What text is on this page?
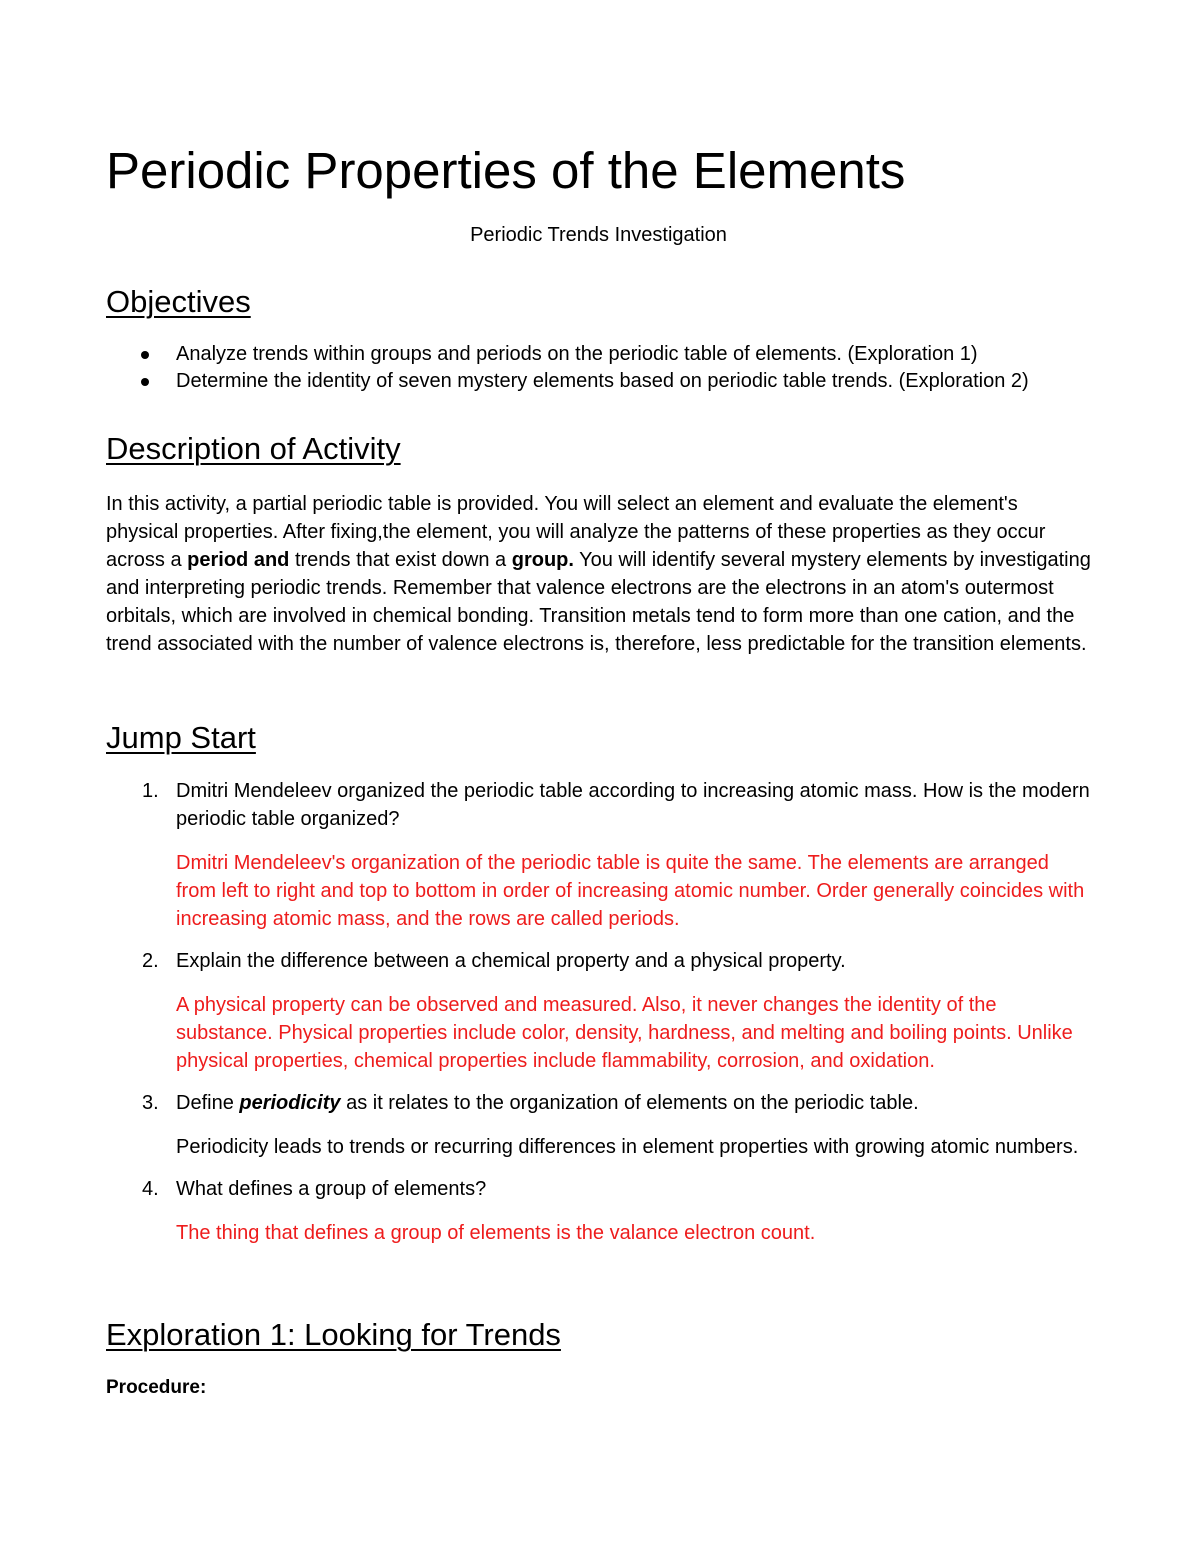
Periodic Properties of the Elements

Periodic Trends Investigation

Objectives
Analyze trends within groups and periods on the periodic table of elements. (Exploration 1)
Determine the identity of seven mystery elements based on periodic table trends. (Exploration 2)
Description of Activity

In this activity, a partial periodic table is provided. You will select an element and evaluate the element's physical properties. After fixing,the element, you will analyze the patterns of these properties as they occur across a period and trends that exist down a group. You will identify several mystery elements by investigating and interpreting periodic trends. Remember that valence electrons are the electrons in an atom's outermost orbitals, which are involved in chemical bonding. Transition metals tend to form more than one cation, and the trend associated with the number of valence electrons is, therefore, less predictable for the transition elements.

Jump Start
1. Dmitri Mendeleev organized the periodic table according to increasing atomic mass. How is the modern periodic table organized?

Dmitri Mendeleev's organization of the periodic table is quite the same. The elements are arranged from left to right and top to bottom in order of increasing atomic number. Order generally coincides with increasing atomic mass, and the rows are called periods.

2. Explain the difference between a chemical property and a physical property.

A physical property can be observed and measured. Also, it never changes the identity of the substance. Physical properties include color, density, hardness, and melting and boiling points. Unlike physical properties, chemical properties include flammability, corrosion, and oxidation.

3. Define periodicity as it relates to the organization of elements on the periodic table.

Periodicity leads to trends or recurring differences in element properties with growing atomic numbers.

4. What defines a group of elements?

The thing that defines a group of elements is the valance electron count.

Exploration 1: Looking for Trends

Procedure:
